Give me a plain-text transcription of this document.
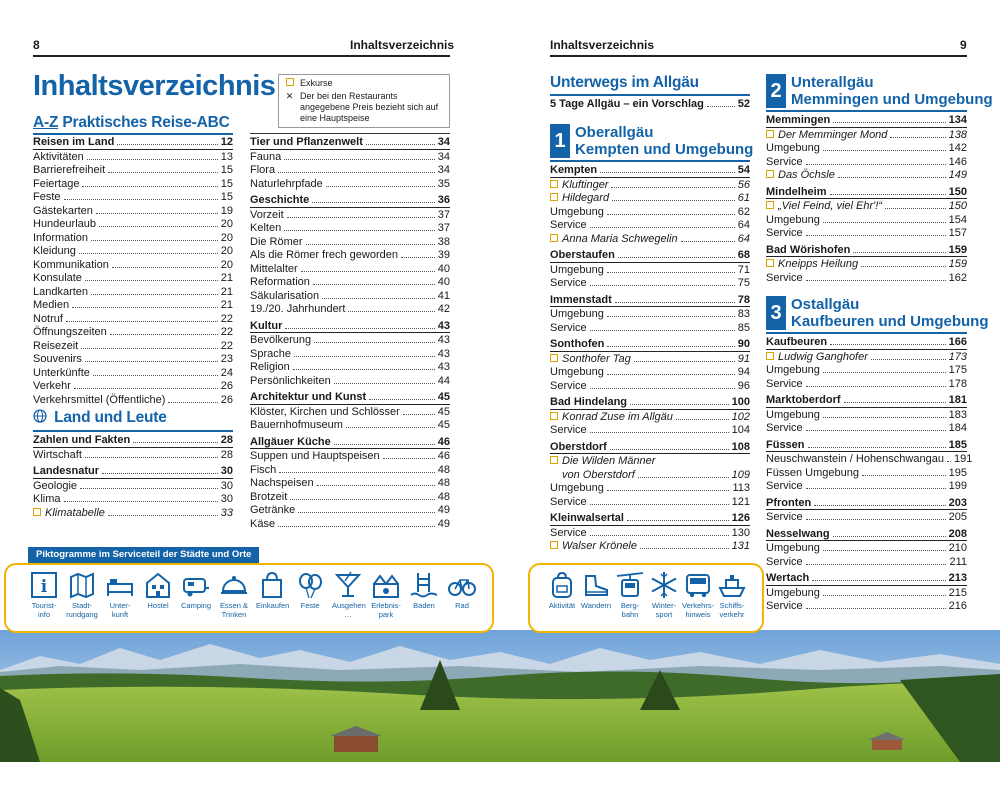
8	Inhaltsverzeichnis
Inhaltsverzeichnis	Exkurse
✕ Der bei den Restaurants angegebene Preis bezieht sich auf eine Hauptspeise
A-Z Praktisches Reise-ABC
Reisen im Land	12
Aktivitäten	13
Barrierefreiheit	15
Feiertage	15
Feste	15
Gästekarten	19
Hundeurlaub	20
Information	20
Kleidung	20
Kommunikation	20
Konsulate	21
Landkarten	21
Medien	21
Notruf	22
Öffnungszeiten	22
Reisezeit	22
Souvenirs	23
Unterkünfte	24
Verkehr	26
Verkehrsmittel (Öffentliche)	26
Land und Leute
Zahlen und Fakten	28
Wirtschaft	28
Landesnatur	30
Geologie	30
Klima	30
Klimatabelle	33
Tier und Pflanzenwelt	34
Fauna	34
Flora	34
Naturlehrpfade	35
Geschichte	36
Vorzeit	37
Kelten	37
Die Römer	38
Als die Römer frech geworden	39
Mittelalter	40
Reformation	40
Säkularisation	41
19./20. Jahrhundert	42
Kultur	43
Bevölkerung	43
Sprache	43
Religion	43
Persönlichkeiten	44
Architektur und Kunst	45
Klöster, Kirchen und Schlösser	45
Bauernhofmuseum	45
Allgäuer Küche	46
Suppen und Hauptspeisen	46
Fisch	48
Nachspeisen	48
Brotzeit	48
Getränke	49
Käse	49
Inhaltsverzeichnis	9
Unterwegs im Allgäu
5 Tage Allgäu – ein Vorschlag	52
1 Oberallgäu
Kempten und Umgebung
Kempten	54
Kluftinger	56
Hildegard	61
Umgebung	62
Service	64
Anna Maria Schwegelin	64
Oberstaufen	68
Umgebung	71
Service	75
Immenstadt	78
Umgebung	83
Service	85
Sonthofen	90
Sonthofer Tag	91
Umgebung	94
Service	96
Bad Hindelang	100
Konrad Zuse im Allgäu	102
Service	104
Oberstdorf	108
Die Wilden Männer
von Oberstdorf	109
Umgebung	113
Service	121
Kleinwalsertal	126
Service	130
Walser Krönele	131
2 Unterallgäu
Memmingen und Umgebung
Memmingen	134
Der Memminger Mond	138
Umgebung	142
Service	146
Das Öchsle	149
Mindelheim	150
„Viel Feind, viel Ehr'!“	150
Umgebung	154
Service	157
Bad Wörishofen	159
Kneipps Heilung	159
Service	162
3 Ostallgäu
Kaufbeuren und Umgebung
Kaufbeuren	166
Ludwig Ganghofer	173
Umgebung	175
Service	178
Marktoberdorf	181
Umgebung	183
Service	184
Füssen	185
Neuschwanstein / Hohenschwangau 191
Füssen Umgebung	195
Service	199
Pfronten	203
Service	205
Nesselwang	208
Umgebung	210
Service	211
Wertach	213
Umgebung	215
Service	216
Piktogramme im Serviceteil der Städte und Orte
i
Tourist-
info
Stadt-
rundgang
Unter-
kunft
Hostel	Camping Essen &
Trinken
Einkaufen	Feste	Ausgehen …

Erlebnis-
park
Baden	Rad	Aktivität Wandern	Berg-
bahn
Winter-
sport
Verkehrs-
hinweis
Schiffs-
verkehr
